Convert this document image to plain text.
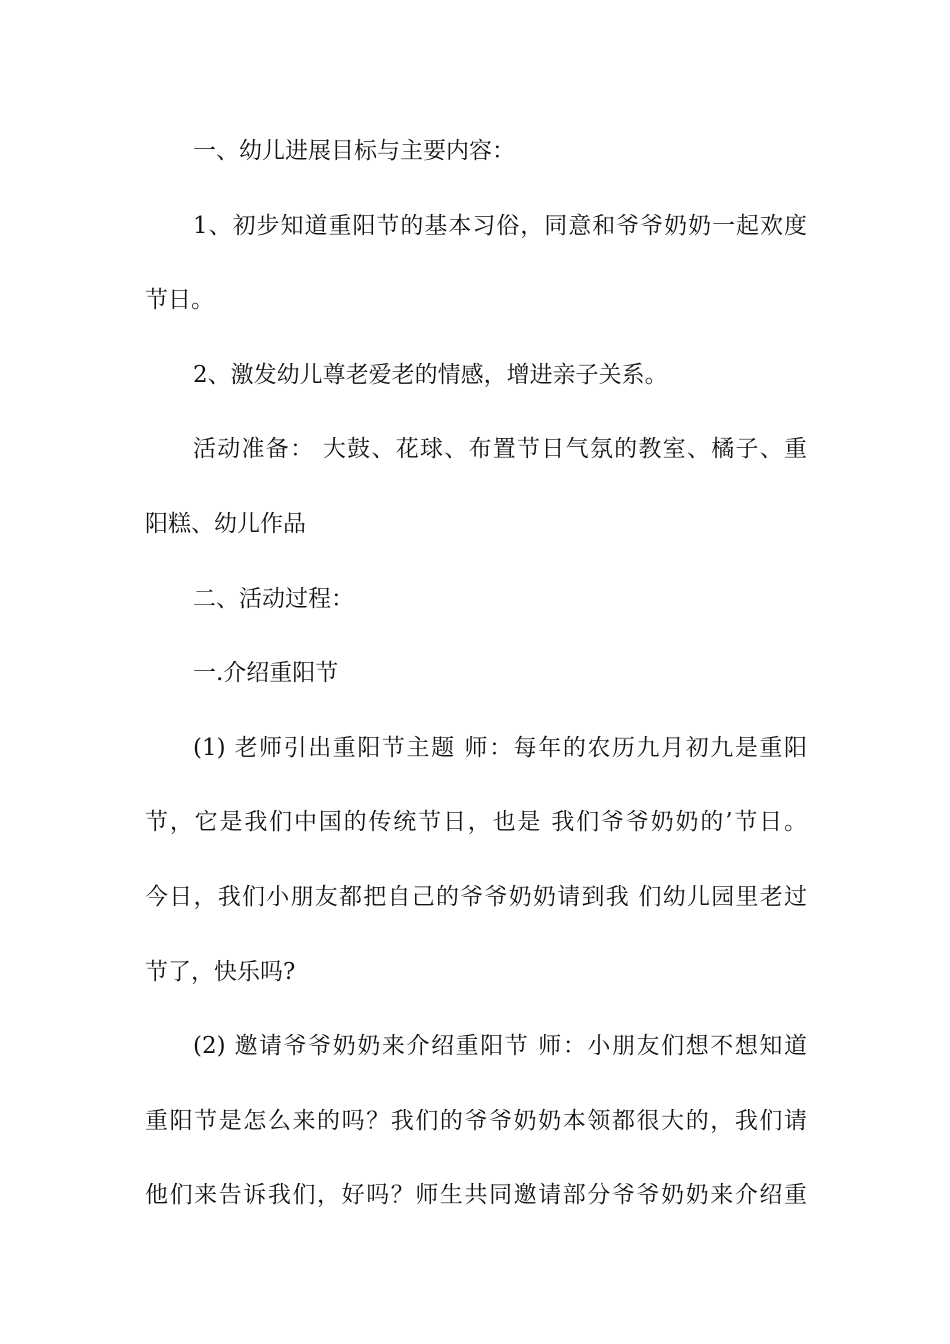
一、幼儿进展目标与主要内容：
1、初步知道重阳节的基本习俗，同意和爷爷奶奶一起欢度
节日。
2、激发幼儿尊老爱老的情感，增进亲子关系。
活动准备： 大鼓、花球、布置节日气氛的教室、橘子、重
阳糕、幼儿作品
二、活动过程：
一.介绍重阳节
(1) 老师引出重阳节主题 师：每年的农历九月初九是重阳
节，它是我们中国的传统节日，也是 我们爷爷奶奶的’节日。
今日，我们小朋友都把自己的爷爷奶奶请到我 们幼儿园里老过
节了，快乐吗?
(2) 邀请爷爷奶奶来介绍重阳节 师：小朋友们想不想知道
重阳节是怎么来的吗？我们的爷爷奶奶本领都很大的，我们请
他们来告诉我们，好吗？师生共同邀请部分爷爷奶奶来介绍重
